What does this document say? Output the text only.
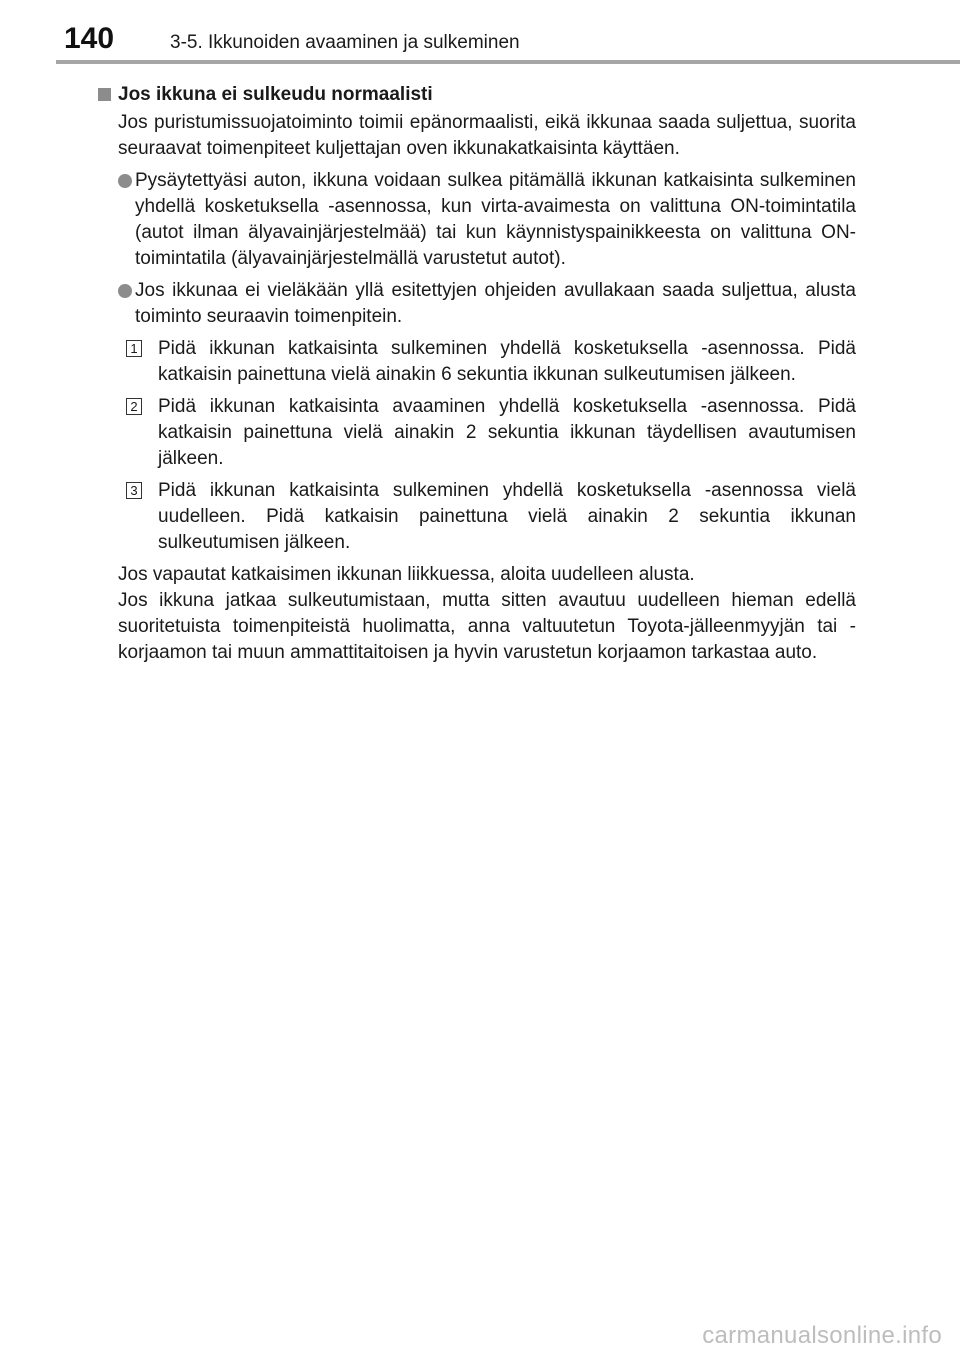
140	3-5. Ikkunoiden avaaminen ja sulkeminen
Jos ikkuna ei sulkeudu normaalisti
Jos puristumissuojatoiminto toimii epänormaalisti, eikä ikkunaa saada suljettua, suorita seuraavat toimenpiteet kuljettajan oven ikkunakatkaisinta käyttäen.
Pysäytettyäsi auton, ikkuna voidaan sulkea pitämällä ikkunan katkaisinta sulkeminen yhdellä kosketuksella -asennossa, kun virta-avaimesta on valittuna ON-toimintatila (autot ilman älyavainjärjestelmää) tai kun käynnistyspainikkeesta on valittuna ON-toimintatila (älyavainjärjestelmällä varustetut autot).
Jos ikkunaa ei vieläkään yllä esitettyjen ohjeiden avullakaan saada suljettua, alusta toiminto seuraavin toimenpitein.
1 Pidä ikkunan katkaisinta sulkeminen yhdellä kosketuksella -asennossa. Pidä katkaisin painettuna vielä ainakin 6 sekuntia ikkunan sulkeutumisen jälkeen.
2 Pidä ikkunan katkaisinta avaaminen yhdellä kosketuksella -asennossa. Pidä katkaisin painettuna vielä ainakin 2 sekuntia ikkunan täydellisen avautumisen jälkeen.
3 Pidä ikkunan katkaisinta sulkeminen yhdellä kosketuksella -asennossa vielä uudelleen. Pidä katkaisin painettuna vielä ainakin 2 sekuntia ikkunan sulkeutumisen jälkeen.

Jos vapautat katkaisimen ikkunan liikkuessa, aloita uudelleen alusta.

Jos ikkuna jatkaa sulkeutumistaan, mutta sitten avautuu uudelleen hieman edellä suoritetuista toimenpiteistä huolimatta, anna valtuutetun Toyota-jälleenmyyjän tai -korjaamon tai muun ammattitaitoisen ja hyvin varustetun korjaamon tarkastaa auto.

carmanualsonline.info
